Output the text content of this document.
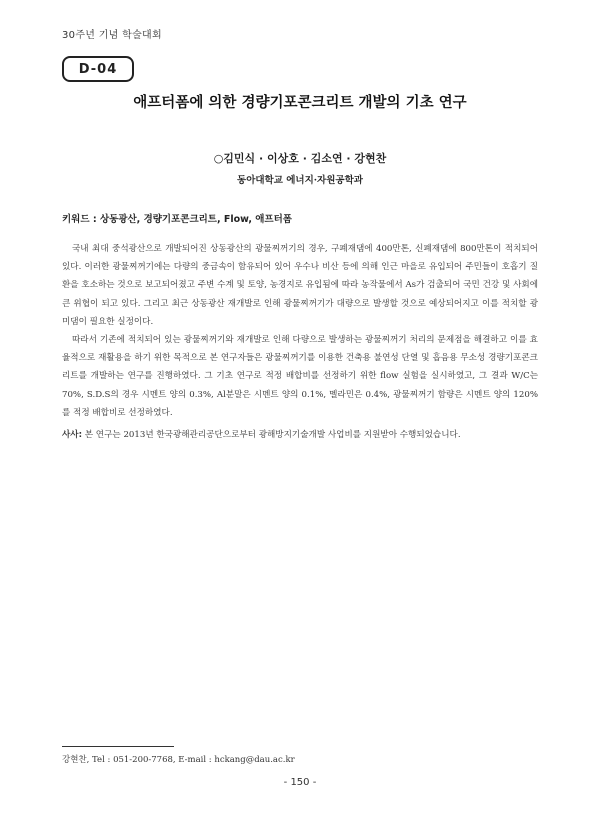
30주년 기념 학술대회
D-04
애프터폼에 의한 경량기포콘크리트 개발의 기초 연구
○김민식 · 이상호 · 김소연 · 강현찬
동아대학교 에너지·자원공학과
키워드 : 상동광산, 경량기포콘크리트, Flow, 애프터폼

국내 최대 중석광산으로 개발되어진 상동광산의 광물찌꺼기의 경우, 구폐재댐에 400만톤, 신폐재댐에 800만톤이 적치되어 있다. 이러한 광물찌꺼기에는 다량의 중금속이 함유되어 있어 우수나 비산 등에 의해 인근 마을로 유입되어 주민들이 호흡기 질환을 호소하는 것으로 보고되어졌고 주변 수계 및 토양, 농경지로 유입됨에 따라 농작물에서 As가 검출되어 국민 건강 및 사회에 큰 위협이 되고 있다. 그리고 최근 상동광산 재개발로 인해 광물찌꺼기가 대량으로 발생할 것으로 예상되어지고 이를 적치할 광미댐이 필요한 실정이다.

따라서 기존에 적치되어 있는 광물찌꺼기와 재개발로 인해 다량으로 발생하는 광물찌꺼기 처리의 문제점을 해결하고 이를 효율적으로 재활용을 하기 위한 목적으로 본 연구자들은 광물찌꺼기를 이용한 건축용 불연성 단열 및 흡음용 무소성 경량기포콘크리트를 개발하는 연구를 진행하였다. 그 기초 연구로 적정 배합비를 선정하기 위한 flow 실험을 실시하였고, 그 결과 W/C는 70%, S.D.S의 경우 시멘트 양의 0.3%, Al분말은 시멘트 양의 0.1%, 멜라민은 0.4%, 광물찌꺼기 함량은 시멘트 양의 120%를 적정 배합비로 선정하였다.

사사: 본 연구는 2013년 한국광해관리공단으로부터 광해방지기술개발 사업비를 지원받아 수행되었습니다.
강현찬, Tel : 051-200-7768, E-mail : hckang@dau.ac.kr
- 150 -
